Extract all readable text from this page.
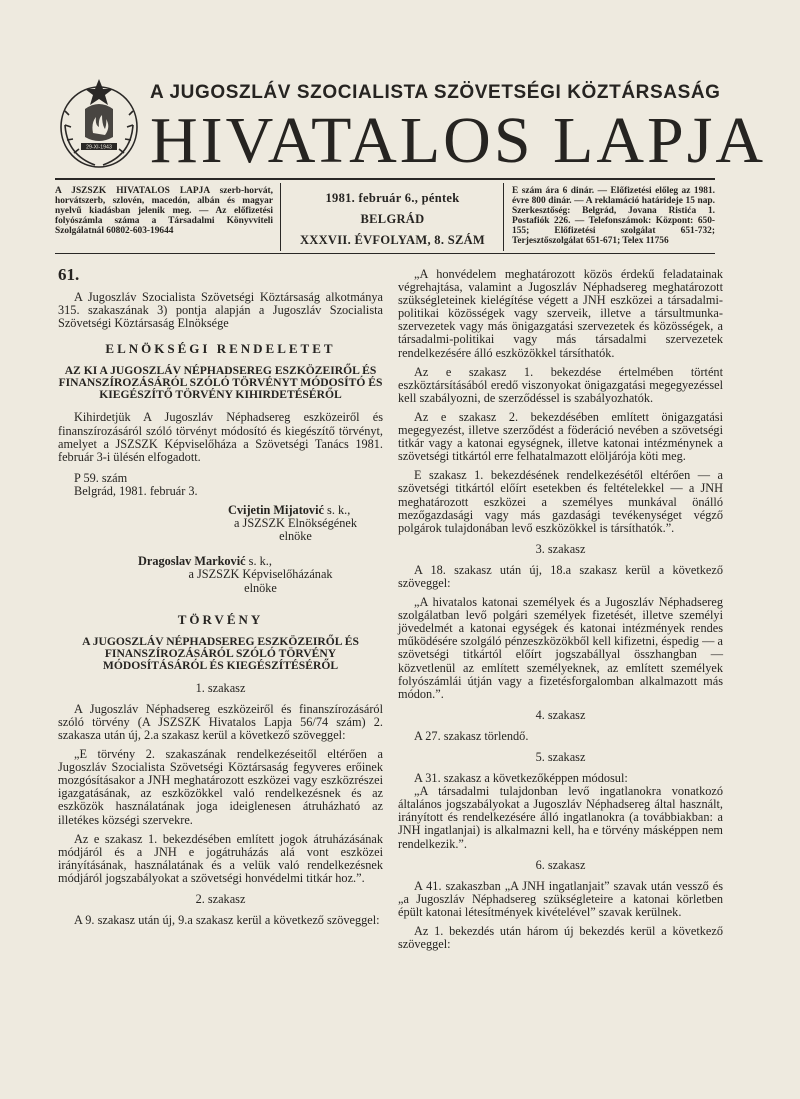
29-XI-1943
A JUGOSZLÁV SZOCIALISTA SZÖVETSÉGI KÖZTÁRSASÁG
HIVATALOS LAPJA
A JSZSZK HIVATALOS LAPJA szerb-horvát, horvátszerb, szlovén, macedón, albán és magyar nyelvű kiadásban jelenik meg. — Az előfizetési folyószámla száma a Társadalmi Könyvviteli Szolgálatnál 60802-603-19644
1981. február 6., péntek
BELGRÁD
XXXVII. ÉVFOLYAM, 8. SZÁM
E szám ára 6 dinár. — Előfizetési előleg az 1981. évre 800 dinár. — A reklamáció határideje 15 nap. Szerkesztőség: Belgrád, Jovana Ristića 1. Postafiók 226. — Telefonszámok: Központ: 650-155; Előfizetési szolgálat 651-732; Terjesztőszolgálat 651-671; Telex 11756
61.

A Jugoszláv Szocialista Szövetségi Köztársaság alkotmánya 315. szakaszának 3) pontja alapján a Jugoszláv Szocialista Szövetségi Köztársaság Elnöksége

ELNÖKSÉGI RENDELETET
AZ KI A JUGOSZLÁV NÉPHADSEREG ESZKÖZEIRŐL ÉS FINANSZÍROZÁSÁRÓL SZÓLÓ TÖRVÉNYT MÓDOSÍTÓ ÉS KIEGÉSZÍTŐ TÖRVÉNY KIHIRDETÉSÉRŐL

Kihirdetjük A Jugoszláv Néphadsereg eszközeiről és finanszírozásáról szóló törvényt módosító és kiegészítő törvényt, amelyet a JSZSZK Képviselőháza a Szövetségi Tanács 1981. február 3-i ülésén elfogadott.

P 59. szám

Belgrád, 1981. február 3.

Cvijetin Mijatović s. k.,
a JSZSZK Elnökségének
elnöke
Dragoslav Marković s. k.,
a JSZSZK Képviselőházának
elnöke
TÖRVÉNY
A JUGOSZLÁV NÉPHADSEREG ESZKÖZEIRŐL ÉS FINANSZÍROZÁSÁRÓL SZÓLÓ TÖRVÉNY MÓDOSÍTÁSÁRÓL ÉS KIEGÉSZÍTÉSÉRŐL
1. szakasz

A Jugoszláv Néphadsereg eszközeiről és finanszírozásáról szóló törvény (A JSZSZK Hivatalos Lapja 56/74 szám) 2. szakasza után új, 2.a szakasz kerül a következő szöveggel:

„E törvény 2. szakaszának rendelkezéseitől eltérően a Jugoszláv Szocialista Szövetségi Köztársaság fegyveres erőinek mozgósításakor a JNH meghatározott eszközei vagy eszközrészei igazgatásának, az eszközökkel való rendelkezésnek és az eszközök használatának joga ideiglenesen átruházható az illetékes községi szervekre.

Az e szakasz 1. bekezdésében említett jogok átruházásának módjáról és a JNH e jogátruházás alá vont eszközei irányításának, használatának és a velük való rendelkezésnek módjáról jogszabályokat a szövetségi honvédelmi titkár hoz.”.

2. szakasz

A 9. szakasz után új, 9.a szakasz kerül a következő szöveggel:

„A honvédelem meghatározott közös érdekű feladatainak végrehajtása, valamint a Jugoszláv Néphadsereg meghatározott szükségleteinek kielégítése végett a JNH eszközei a társadalmi-politikai közösségek vagy szerveik, illetve a társultmunka-szervezetek vagy más önigazgatási szervezetek és közösségek, a társadalmi-politikai vagy más társadalmi szervezetek rendelkezésére álló eszközökkel társíthatók.

Az e szakasz 1. bekezdése értelmében történt eszköztársításából eredő viszonyokat önigazgatási megegyezéssel kell szabályozni, de szerződéssel is szabályozhatók.

Az e szakasz 2. bekezdésében említett önigazgatási megegyezést, illetve szerződést a föderáció nevében a szövetségi titkár vagy a katonai egységnek, illetve katonai intézménynek a szövetségi titkártól erre felhatalmazott elöljárója köti meg.

E szakasz 1. bekezdésének rendelkezésétől eltérően — a szövetségi titkártól előírt esetekben és feltételekkel — a JNH meghatározott eszközei a személyes munkával önálló mezőgazdasági vagy más gazdasági tevékenységet végző polgárok tulajdonában levő eszközökkel is társíthatók.”.

3. szakasz

A 18. szakasz után új, 18.a szakasz kerül a következő szöveggel:

„A hivatalos katonai személyek és a Jugoszláv Néphadsereg szolgálatban levő polgári személyek fizetését, illetve személyi jövedelmét a katonai egységek és katonai intézmények rendes működésére szolgáló pénzeszközökből kell kifizetni, éspedig — a szövetségi titkártól előírt jogszabállyal összhangban — közvetlenül az említett személyeknek, az említett személyek folyószámlái útján vagy a fizetésforgalomban alkalmazott más módon.”.

4. szakasz

A 27. szakasz törlendő.

5. szakasz

A 31. szakasz a következőképpen módosul:

„A társadalmi tulajdonban levő ingatlanokra vonatkozó általános jogszabályokat a Jugoszláv Néphadsereg által használt, irányított és rendelkezésére álló ingatlanokra (a továbbiakban: a JNH ingatlanjai) is alkalmazni kell, ha e törvény másképpen nem rendelkezik.”.

6. szakasz

A 41. szakaszban „A JNH ingatlanjait” szavak után vessző és „a Jugoszláv Néphadsereg szükségleteire a katonai körletben épült katonai létesítmények kivételével” szavak kerülnek.

Az 1. bekezdés után három új bekezdés kerül a következő szöveggel:
